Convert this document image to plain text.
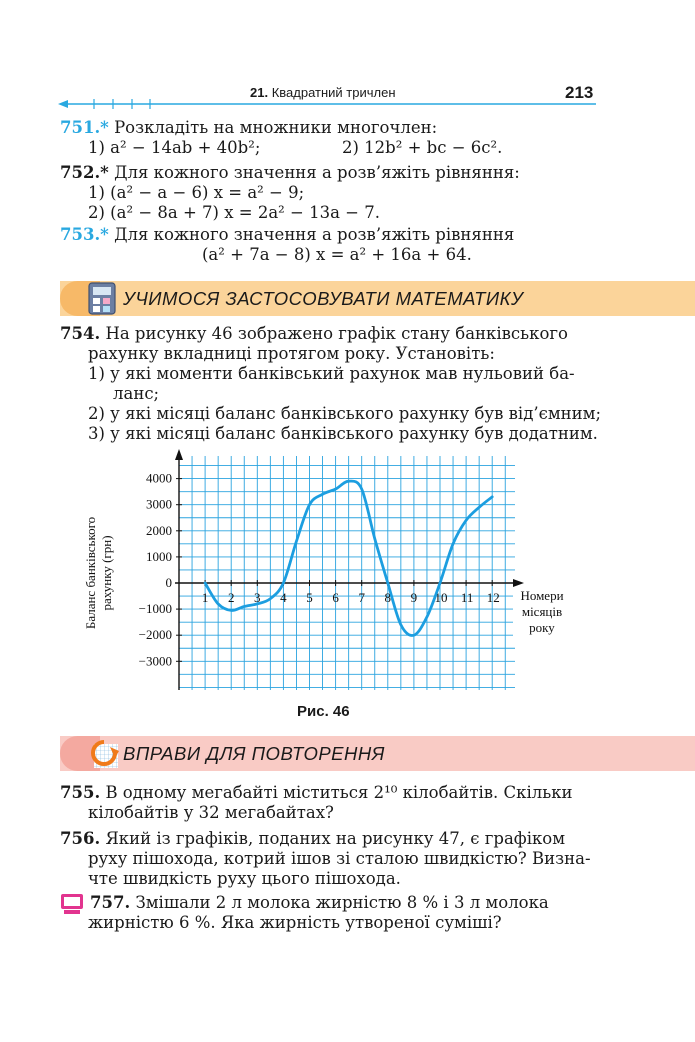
21. Квадратний тричлен	213
751.* Розкладіть на множники многочлен:
1) a² − 14ab + 40b²;	2) 12b² + bc − 6c².
752.* Для кожного значення a розв’яжіть рівняння:
1) (a² − a − 6) x = a² − 9;
2) (a² − 8a + 7) x = 2a² − 13a − 7.
753.* Для кожного значення a розв’яжіть рівняння
(a² + 7a − 8) x = a² + 16a + 64.
УЧИМОСЯ ЗАСТОСОВУВАТИ МАТЕМАТИКУ
754. На рисунку 46 зображено графік стану банківського
рахунку вкладниці протягом року. Установіть:
1) у які моменти банківський рахунок мав нульовий ба-
ланс;
2) у які місяці баланс банківського рахунку був від’ємним;
3) у які місяці баланс банківського рахунку був додатним.
4000
3000
2000
1000
0
−1000
−2000
−3000
1 2 3 4 5 6 7 8 9 10 11 12 Номери
місяців
року
Баланс банківського рахунку (грн)
Рис. 46
ВПРАВИ ДЛЯ ПОВТОРЕННЯ
755. В одному мегабайті міститься 2¹⁰ кілобайтів. Скільки
кілобайтів у 32 мегабайтах?
756. Який із графіків, поданих на рисунку 47, є графіком
руху пішохода, котрий ішов зі сталою швидкістю? Визна-
чте швидкість руху цього пішохода.
757. Змішали 2 л молока жирністю 8 % і 3 л молока
жирністю 6 %. Яка жирність утвореної суміші?
